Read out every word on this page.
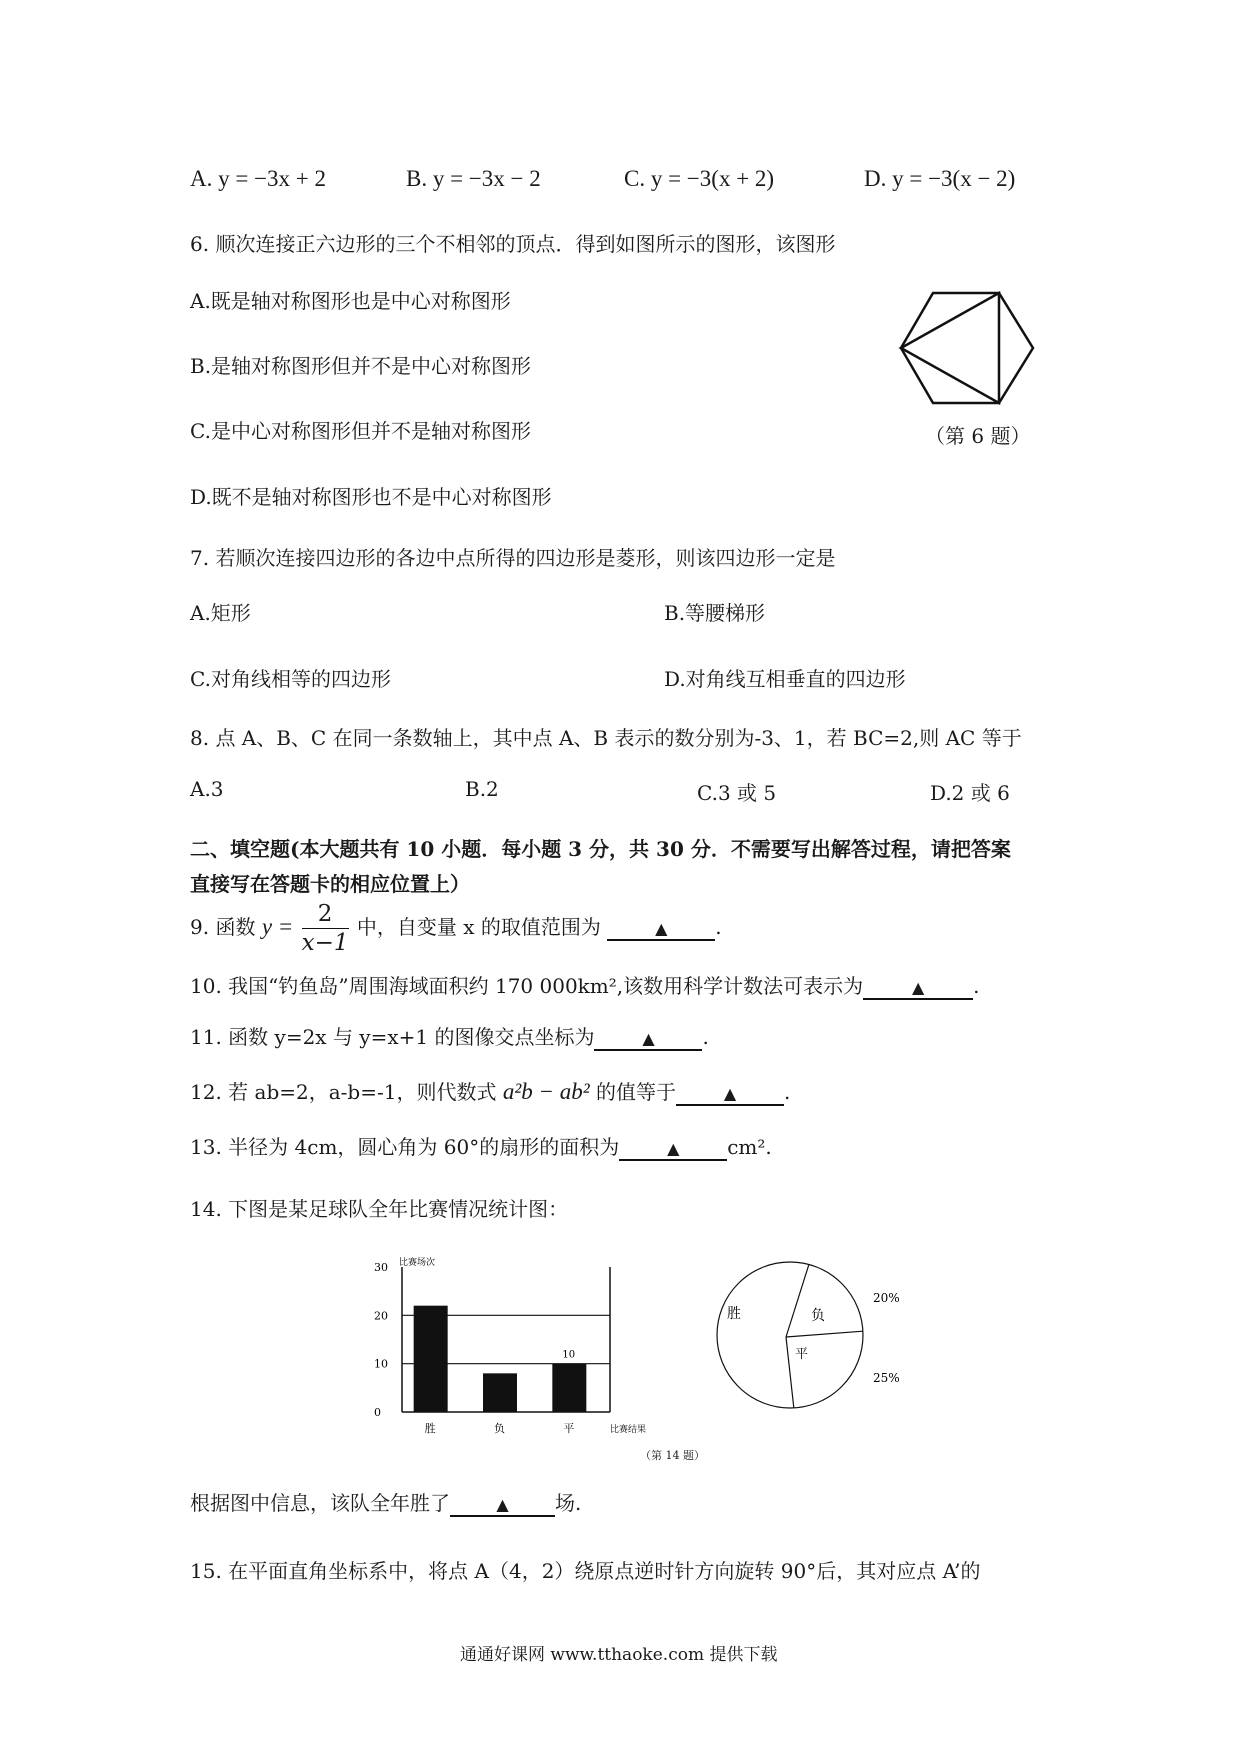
A. y = −3x + 2	B. y = −3x − 2	C. y = −3(x + 2)	D. y = −3(x − 2)
6. 顺次连接正六边形的三个不相邻的顶点．得到如图所示的图形，该图形
A.既是轴对称图形也是中心对称图形
B.是轴对称图形但并不是中心对称图形
C.是中心对称图形但并不是轴对称图形
D.既不是轴对称图形也不是中心对称图形
（第 6 题）
7. 若顺次连接四边形的各边中点所得的四边形是菱形，则该四边形一定是
A.矩形	B.等腰梯形
C.对角线相等的四边形	D.对角线互相垂直的四边形
8. 点 A、B、C 在同一条数轴上，其中点 A、B 表示的数分别为-3、1，若 BC=2,则 AC 等于
A.3	B.2	C.3 或 5	D.2 或 6
二、填空题(本大题共有 10 小题．每小题 3 分，共 30 分．不需要写出解答过程，请把答案
直接写在答题卡的相应位置上）
9. 函数 $y = \frac{2}{x-1}$ 中，自变量 x 的取值范围为	▲ .
10. 我国“钓鱼岛”周围海域面积约 170 000km²,该数用科学计数法可表示为	▲ .
11. 函数 y=2x 与 y=x+1 的图像交点坐标为	▲ .
12. 若 ab=2，a-b=-1，则代数式 a²b − ab² 的值等于	▲ .
13. 半径为 4cm，圆心角为 60°的扇形的面积为	▲ cm².
14. 下图是某足球队全年比赛情况统计图：
0
10
20
30 比赛场次
胜	负	平
10
比赛结果
胜	负
平
20%
25%
（第 14 题）
根据图中信息，该队全年胜了	▲ 场.
15. 在平面直角坐标系中，将点 A（4，2）绕原点逆时针方向旋转 90°后，其对应点 A’的
通通好课网 www.tthaoke.com 提供下载
